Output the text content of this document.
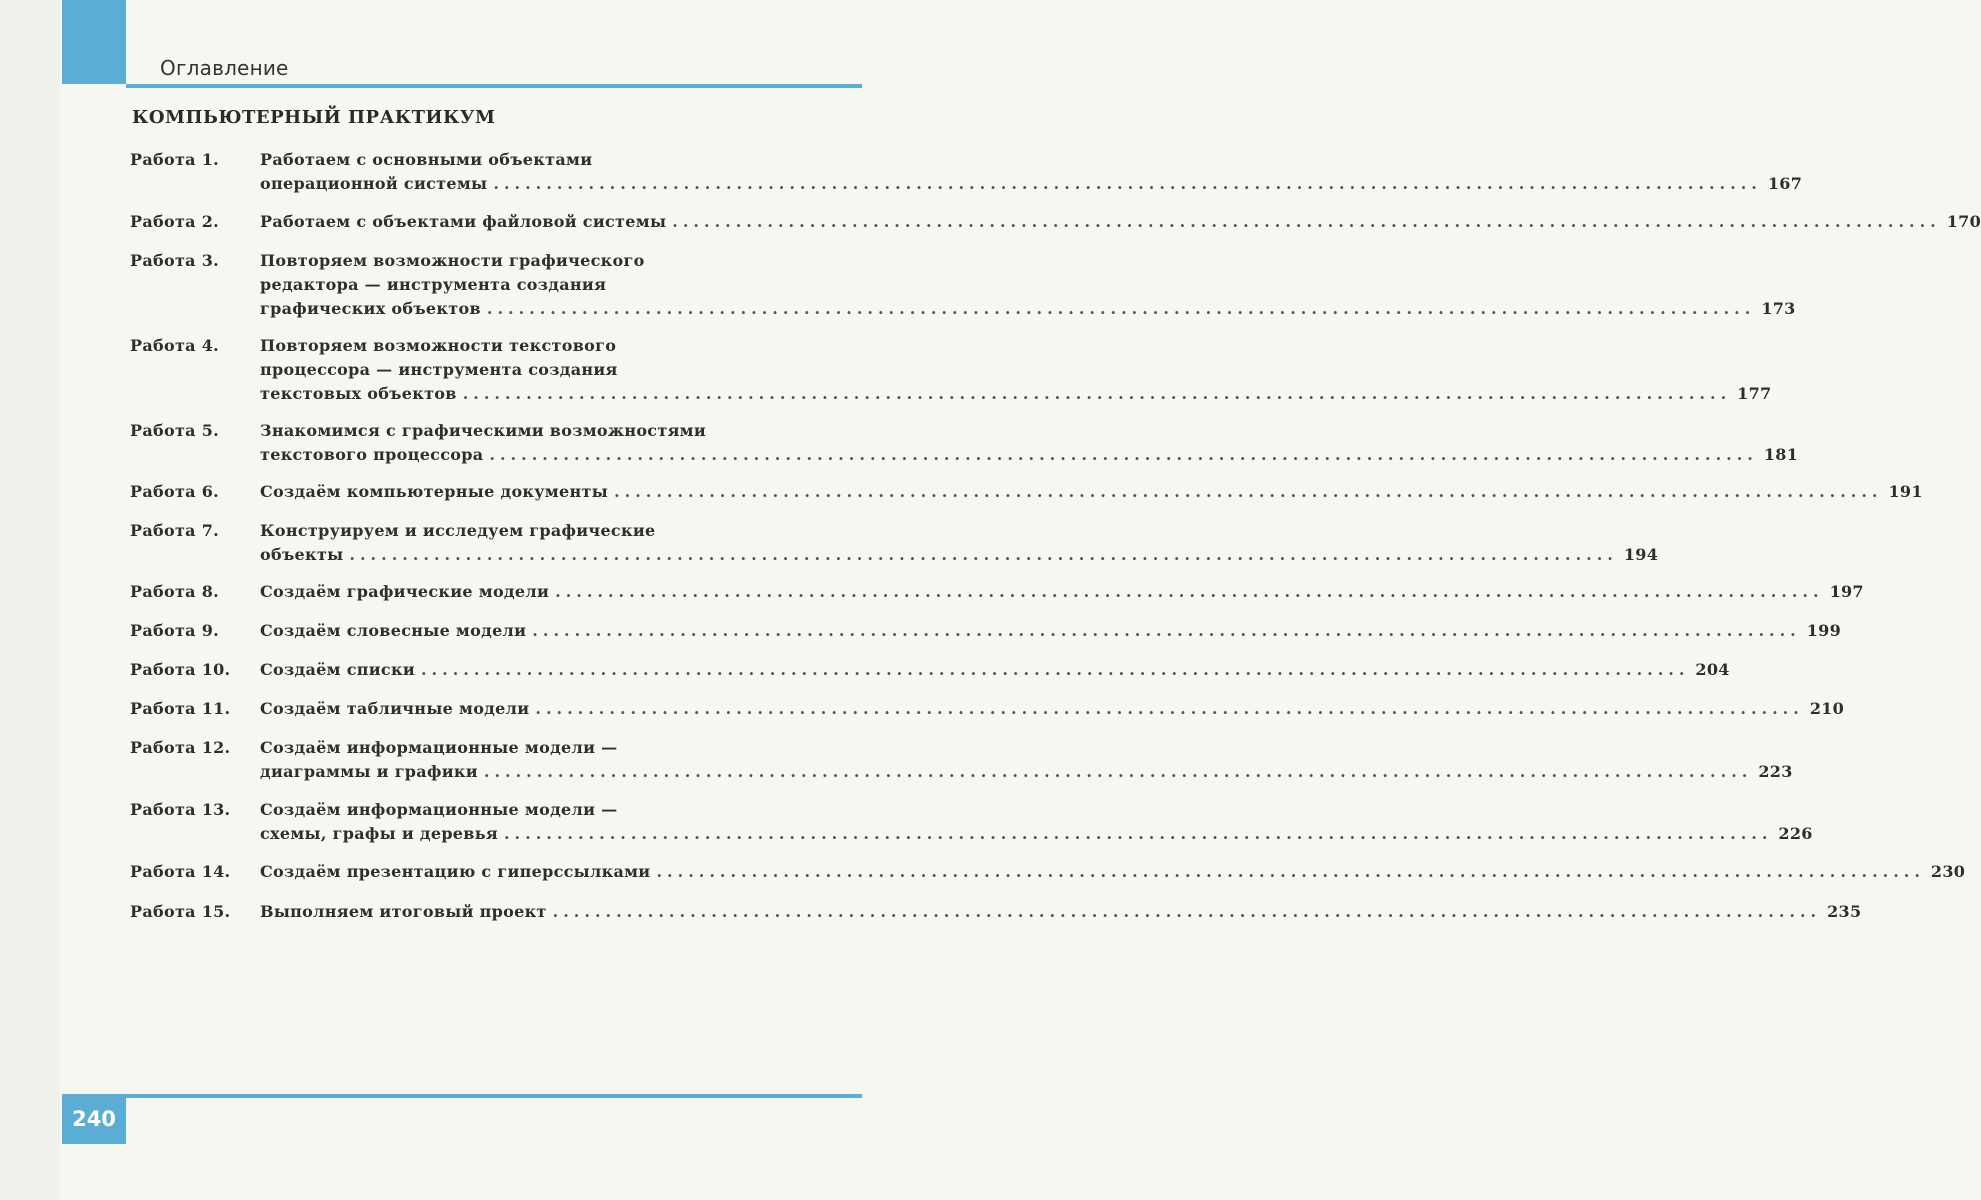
Оглавление
КОМПЬЮТЕРНЫЙ ПРАКТИКУМ
Работа 1.	Работаем с основными объектами
операционной системы ........................................................................................................................ 167
Работа 2.	Работаем с объектами файловой системы ........................................................................................................................ 170
Работа 3.	Повторяем возможности графического
редактора — инструмента создания
графических объектов ........................................................................................................................ 173
Работа 4.	Повторяем возможности текстового
процессора — инструмента создания
текстовых объектов ........................................................................................................................ 177
Работа 5.	Знакомимся с графическими возможностями
текстового процессора ........................................................................................................................ 181
Работа 6.	Создаём компьютерные документы ........................................................................................................................ 191
Работа 7.	Конструируем и исследуем графические
объекты ........................................................................................................................ 194
Работа 8.	Создаём графические модели ........................................................................................................................ 197
Работа 9.	Создаём словесные модели ........................................................................................................................ 199
Работа 10.	Создаём списки ........................................................................................................................ 204
Работа 11.	Создаём табличные модели ........................................................................................................................ 210
Работа 12.	Создаём информационные модели —
диаграммы и графики ........................................................................................................................ 223
Работа 13.	Создаём информационные модели —
схемы, графы и деревья ........................................................................................................................ 226
Работа 14.	Создаём презентацию с гиперссылками ........................................................................................................................ 230
Работа 15.	Выполняем итоговый проект ........................................................................................................................ 235
240
